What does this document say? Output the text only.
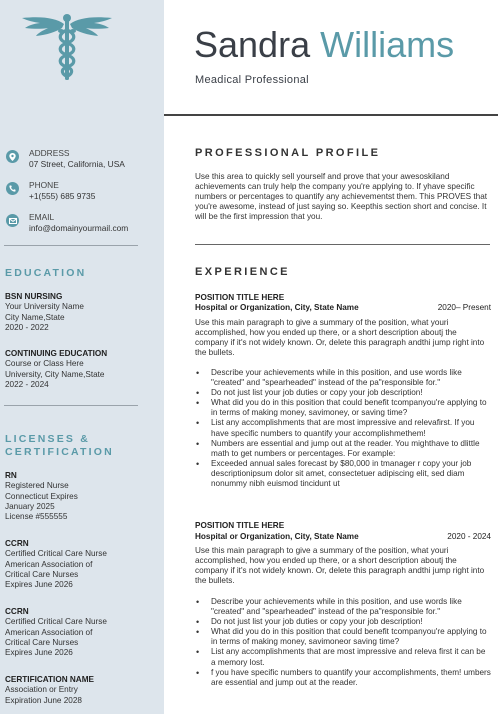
ADDRESS
07 Street, California, USA
PHONE
+1(555) 685 9735
EMAIL
info@domainyourmail.com
EDUCATION
BSN NURSING
Your University Name
City Name,State
2020 - 2022
CONTINUING EDUCATION
Course or Class Here
University, City Name,State
2022 - 2024
LICENSES &
CERTIFICATION
RN
Registered Nurse
Connecticut Expires
January 2025
License #555555
CCRN
Certified Critical Care Nurse
American Association of
Critical Care Nurses
Expires June 2026
CCRN
Certified Critical Care Nurse
American Association of
Critical Care Nurses
Expires June 2026
CERTIFICATION NAME
Association or Entry
Expiration June 2028
Sandra Williams
Meadical Professional
PROFESSIONAL PROFILE
Use this area to quickly sell yourself and prove that your awesoskiland achievements can truly help the company you're applying to. If yhave specific numbers or percentages to quantify any achievementst them. This PROVES that you're awesome, instead of just saying so. Keepthis section short and concise. It will be the first impression that you.
EXPERIENCE
POSITION TITLE HERE
Hospital or Organization, City, State Name	2020– Present
Use this main paragraph to give a summary of the position, what youri accomplished, how you ended up there, or a short description aboutj the company if it's not widely known. Or, delete this paragraph andthi jump right into the bullets.
• Describe your achievements while in this position, and use words like "created" and "spearheaded" instead of the pa"responsible for."
• Do not just list your job duties or copy your job description!
• What did you do in this position that could benefit tcompanyou're applying to in terms of making money, savimoney, or saving time?
• List any accomplishments that are most impressive and relevafirst. If you have specific numbers to quantify your accomplishmethem!
• Numbers are essential and jump out at the reader. You mighthave to dlittle math to get numbers or percentages. For example:
• Exceeded annual sales forecast by $80,000 in tmanager r copy your job descriptionipsum dolor sit amet, consectetuer adipiscing elit, sed diam nonummy nibh euismod tincidunt ut
POSITION TITLE HERE
Hospital or Organization, City, State Name	2020 - 2024
Use this main paragraph to give a summary of the position, what youri accomplished, how you ended up there, or a short description aboutj the company if it's not widely known. Or, delete this paragraph andthi jump right into the bullets.
• Describe your achievements while in this position, and use words like "created" and "spearheaded" instead of the pa"responsible for."
• Do not just list your job duties or copy your job description!
• What did you do in this position that could benefit tcompanyou're applying to in terms of making money, savimoneor saving time?
• List any accomplishments that are most impressive and releva first it can be a memory lost.
• f you have specific numbers to quantify your accomplishments, them! umbers are essential and jump out at the reader.
